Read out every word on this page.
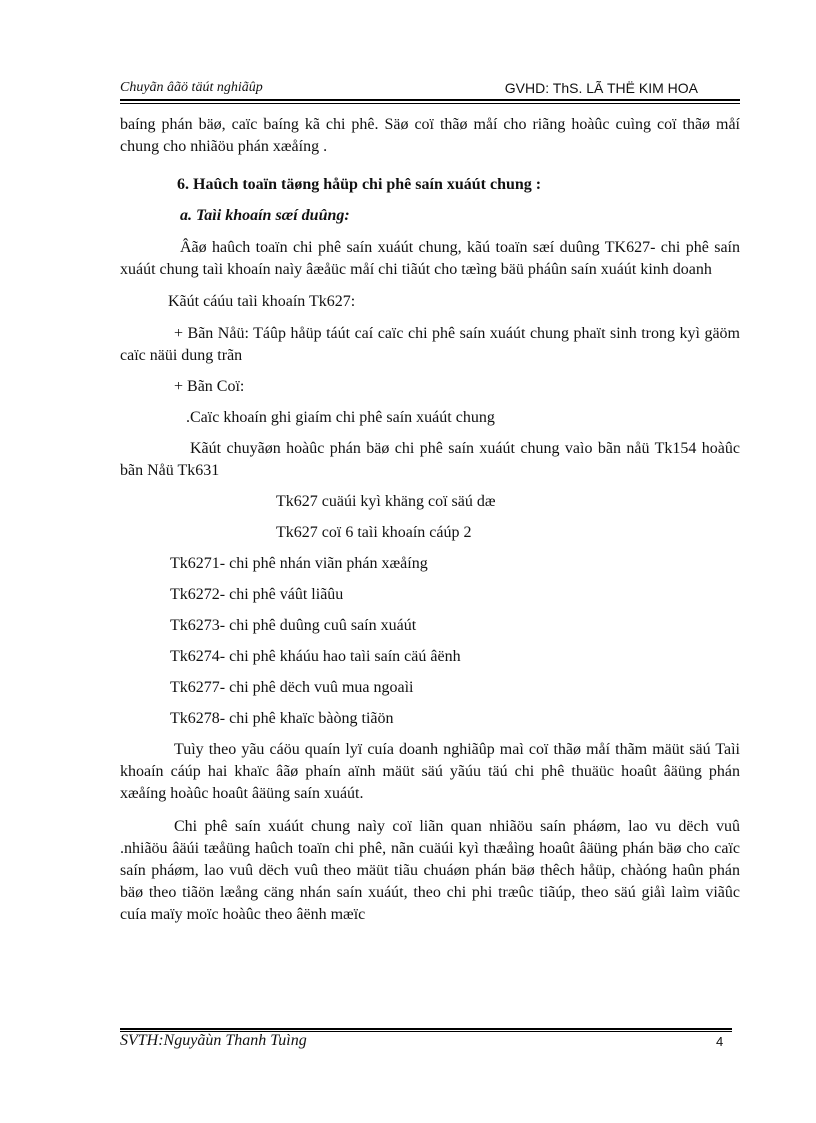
Chuyãn âãö täút nghiãûp	GVHD: ThS. LÃ THË KIM HOA

baíng phán bäø, caïc baíng kã chi phê. Säø coï thãø måí cho riãng hoàûc cuìng coï thãø måí chung cho nhiãöu phán xæåíng .

6. Haûch toaïn täøng håüp chi phê saín xuáút chung :

a. Taìi khoaín sæí duûng:

Âãø haûch toaïn chi phê saín xuáút chung, kãú toaïn sæí duûng TK627- chi phê saín xuáút chung taìi khoaín naìy âæåüc måí chi tiãút cho tæìng bäü pháûn saín xuáút kinh doanh

Kãút cáúu taìi khoaín Tk627:

+ Bãn Nåü: Táûp håüp táút caí caïc chi phê saín xuáút chung phaït sinh trong kyì gäöm caïc näüi dung trãn

+ Bãn Coï:

.Caïc khoaín ghi giaím chi phê saín xuáút chung

Kãút chuyãøn hoàûc phán bäø chi phê saín xuáút chung vaìo bãn nåü Tk154 hoàûc bãn Nåü Tk631

Tk627 cuäúi kyì khäng coï säú dæ

Tk627 coï 6 taìi khoaín cáúp 2

Tk6271- chi phê nhán viãn phán xæåíng

Tk6272- chi phê váût liãûu

Tk6273- chi phê duûng cuû saín xuáút

Tk6274- chi phê kháúu hao taìi saín cäú âënh

Tk6277- chi phê dëch vuû mua ngoaìi

Tk6278- chi phê khaïc bàòng tiãön

Tuìy theo yãu cáöu quaín lyï cuía doanh nghiãûp maì coï thãø måí thãm mäüt säú Taìi khoaín cáúp hai khaïc âãø phaín aïnh mäüt säú yãúu täú chi phê thuäüc hoaût âäüng phán xæåíng hoàûc hoaût âäüng saín xuáút.

Chi phê saín xuáút chung naìy coï liãn quan nhiãöu saín pháøm, lao vu dëch vuû .nhiãöu âäúi tæåüng haûch toaïn chi phê, nãn cuäúi kyì thæåìng hoaût âäüng phán bäø cho caïc saín pháøm, lao vuû dëch vuû theo mäüt tiãu chuáøn phán bäø thêch håüp, chàóng haûn phán bäø theo tiãön læång cäng nhán saín xuáút, theo chi phi træûc tiãúp, theo säú giåì laìm viãûc cuía maïy moïc hoàûc theo âënh mæïc

SVTH:Nguyãùn Thanh Tuìng	4
